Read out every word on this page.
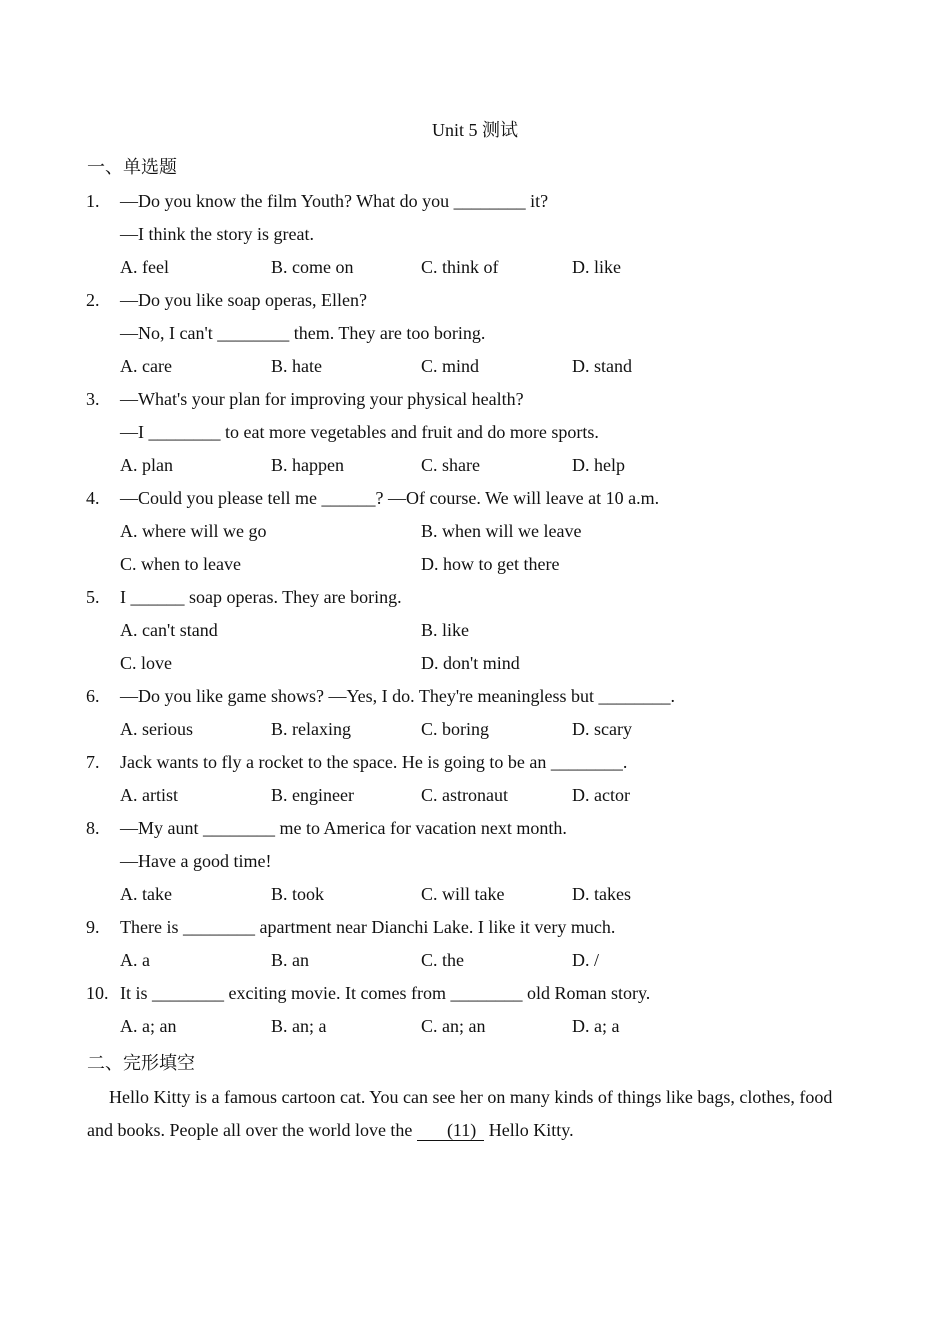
Unit 5 测试
一、单选题
1. —Do you know the film Youth? What do you ________ it?
—I think the story is great.
A. feel	B. come on	C. think of	D. like
2. —Do you like soap operas, Ellen?
—No, I can't ________ them. They are too boring.
A. care	B. hate	C. mind	D. stand
3. —What's your plan for improving your physical health?
—I ________ to eat more vegetables and fruit and do more sports.
A. plan	B. happen	C. share	D. help
4. —Could you please tell me ______? —Of course. We will leave at 10 a.m.
A. where will we go	B. when will we leave
C. when to leave	D. how to get there
5. I ______ soap operas. They are boring.
A. can't stand	B. like
C. love	D. don't mind
6. —Do you like game shows? —Yes, I do. They're meaningless but ________.
A. serious	B. relaxing	C. boring	D. scary
7. Jack wants to fly a rocket to the space. He is going to be an ________.
A. artist	B. engineer	C. astronaut	D. actor
8. —My aunt ________ me to America for vacation next month.
—Have a good time!
A. take	B. took	C. will take	D. takes
9. There is ________ apartment near Dianchi Lake. I like it very much.
A. a	B. an	C. the	D. /
10. It is ________ exciting movie. It comes from ________ old Roman story.
A. a; an	B. an; a	C. an; an	D. a; a
二、完形填空
Hello Kitty is a famous cartoon cat. You can see her on many kinds of things like bags, clothes, food and books. People all over the world love the (11) Hello Kitty.
